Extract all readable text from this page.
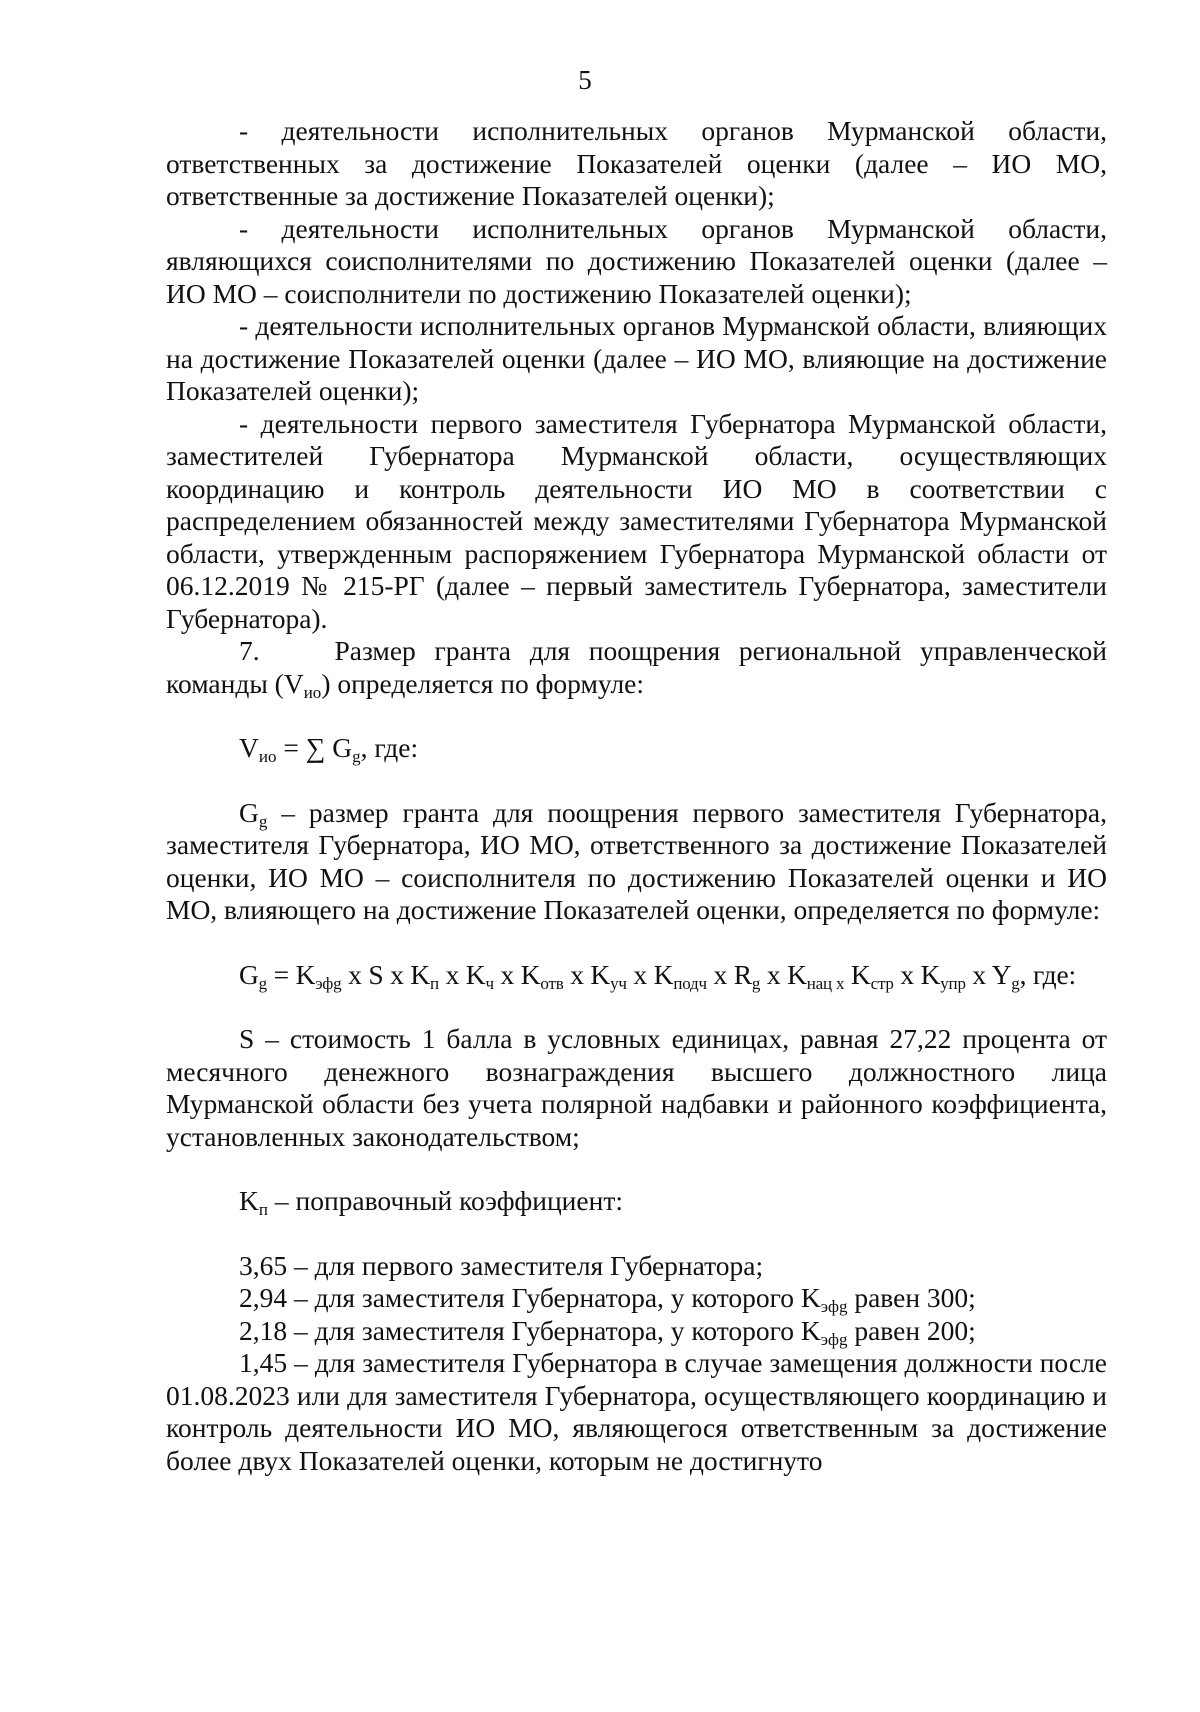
5

- деятельности исполнительных органов Мурманской области, ответственных за достижение Показателей оценки (далее – ИО МО, ответственные за достижение Показателей оценки);

- деятельности исполнительных органов Мурманской области, являющихся соисполнителями по достижению Показателей оценки (далее – ИО МО – соисполнители по достижению Показателей оценки);

- деятельности исполнительных органов Мурманской области, влияющих на достижение Показателей оценки (далее – ИО МО, влияющие на достижение Показателей оценки);

- деятельности первого заместителя Губернатора Мурманской области, заместителей Губернатора Мурманской области, осуществляющих координацию и контроль деятельности ИО МО в соответствии с распределением обязанностей между заместителями Губернатора Мурманской области, утвержденным распоряжением Губернатора Мурманской области от 06.12.2019 № 215-РГ (далее – первый заместитель Губернатора, заместители Губернатора).

7.	Размер гранта для поощрения региональной управленческой команды $(V_{ио})$ определяется по формуле:

$V_{ио}$ = ∑ $G_g$, где:

$G_g$ – размер гранта для поощрения первого заместителя Губернатора, заместителя Губернатора, ИО МО, ответственного за достижение Показателей оценки, ИО МО – соисполнителя по достижению Показателей оценки и ИО МО, влияющего на достижение Показателей оценки, определяется по формуле:

$G_g = K_{эфg}$ x S x $K_п$ x $K_ч$ x $K_{отв}$ x $K_{уч}$ x $K_{подч}$ x $R_g$ x $K_{нац x}$ $K_{стр}$ x $K_{упр}$ x $Y_g$, где:

S – стоимость 1 балла в условных единицах, равная 27,22 процента от месячного денежного вознаграждения высшего должностного лица Мурманской области без учета полярной надбавки и районного коэффициента, установленных законодательством;

$K_п$ – поправочный коэффициент:

3,65 – для первого заместителя Губернатора;

2,94 – для заместителя Губернатора, у которого $K_{эфg}$ равен 300;

2,18 – для заместителя Губернатора, у которого $K_{эфg}$ равен 200;

1,45 – для заместителя Губернатора в случае замещения должности после 01.08.2023 или для заместителя Губернатора, осуществляющего координацию и контроль деятельности ИО МО, являющегося ответственным за достижение более двух Показателей оценки, которым не достигнуто
